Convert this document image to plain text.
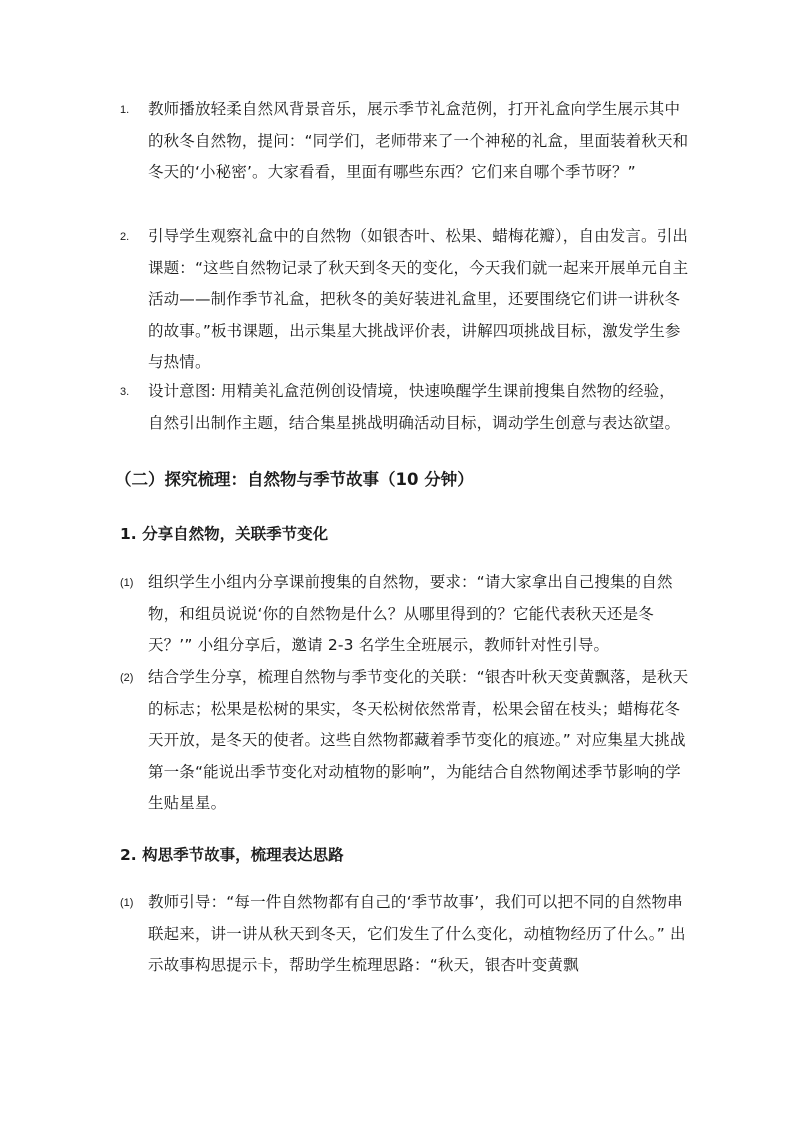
1.	教师播放轻柔自然风背景音乐，展示季节礼盒范例，打开礼盒向学生展示其中的秋冬自然物，提问：“同学们，老师带来了一个神秘的礼盒，里面装着秋天和冬天的‘小秘密’。大家看看，里面有哪些东西？它们来自哪个季节呀？”
2.	引导学生观察礼盒中的自然物（如银杏叶、松果、蜡梅花瓣），自由发言。引出课题：“这些自然物记录了秋天到冬天的变化，今天我们就一起来开展单元自主活动——制作季节礼盒，把秋冬的美好装进礼盒里，还要围绕它们讲一讲秋冬的故事。”板书课题，出示集星大挑战评价表，讲解四项挑战目标，激发学生参与热情。
3.	设计意图: 用精美礼盒范例创设情境，快速唤醒学生课前搜集自然物的经验，自然引出制作主题，结合集星挑战明确活动目标，调动学生创意与表达欲望。
（二）探究梳理：自然物与季节故事（10 分钟）
1. 分享自然物，关联季节变化
(1) 组织学生小组内分享课前搜集的自然物，要求：“请大家拿出自己搜集的自然物，和组员说说‘你的自然物是什么？从哪里得到的？它能代表秋天还是冬天？’” 小组分享后，邀请 2-3 名学生全班展示，教师针对性引导。
(2) 结合学生分享，梳理自然物与季节变化的关联：“银杏叶秋天变黄飘落，是秋天的标志；松果是松树的果实，冬天松树依然常青，松果会留在枝头；蜡梅花冬天开放，是冬天的使者。这些自然物都藏着季节变化的痕迹。” 对应集星大挑战第一条“能说出季节变化对动植物的影响”，为能结合自然物阐述季节影响的学生贴星星。
2. 构思季节故事，梳理表达思路
(1) 教师引导：“每一件自然物都有自己的‘季节故事’，我们可以把不同的自然物串联起来，讲一讲从秋天到冬天，它们发生了什么变化，动植物经历了什么。” 出示故事构思提示卡，帮助学生梳理思路：“秋天，银杏叶变黄飘
